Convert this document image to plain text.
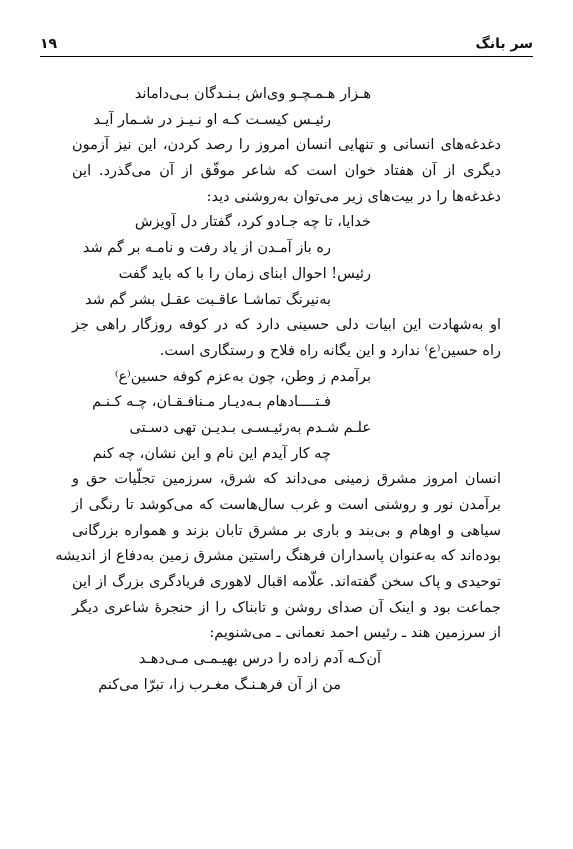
سر بانگ
۱۹
هـزار هـمـچـو وی‌اش بـنـدگان بـی‌داماند
رئیـس کیسـت کـه او نـیـز در شـمار آیـد
دغدغه‌های انسانی و تنهایی انسان امروز را رصد کردن، این نیز آزمون
دیگری از آن هفتاد خوان است که شاعر موفّق از آن می‌گذرد. این
دغدغه‌ها را در بیت‌های زیر می‌توان به‌روشنی دید:
خدایا، تا چه جـادو کرد، گفتار دل آویزش
ره باز آمـدن از یاد رفت و نامـه بر گم شد
رئیس! احوال ابنای زمان را با که باید گفت
به‌نیرنگ تماشـا عاقـبت عقـل بشر گم شد
او به‌شهادت این ابیات دلی حسینی دارد که در کوفه روزگار راهی جز
راه حسین⁽ع⁾ ندارد و این یگانه راه فلاح و رستگاری است.
برآمدم ز وطن، چون به‌عزم کوفه حسین⁽ع⁾
فـتــــادهام بـه‌دیـار مـنافـقـان، چـه کـنـم
علـم شـدم به‌رئیـسـی بـدیـن تهی دسـتی
چه کار آیدم این نام و این نشان، چه کنم
انسان امروز مشرق زمینی می‌داند که شرق، سرزمین تجلّیات حق و
برآمدن نور و روشنی است و غرب سال‌هاست که می‌کوشد تا رنگی از
سیاهی و اوهام و بی‌بند و باری بر مشرق تابان بزند و همواره بزرگانی
بوده‌اند که به‌عنوان پاسداران فرهنگ راستین مشرق زمین به‌دفاع از اندیشه
توحیدی و پاک سخن گفته‌اند. علّامه اقبال لاهوری فریادگری بزرگ از این
جماعت بود و اینک آن صدای روشن و تابناک را از حنجرهٔ شاعری دیگر
از سرزمین هند ـ رئیس احمد نعمانی ـ می‌شنویم:
آن‌کـه آدم زاده را درس بهیـمـی مـی‌دهـد
من از آن فرهـنـگ مغـرب زا، تبرّا می‌کنم
